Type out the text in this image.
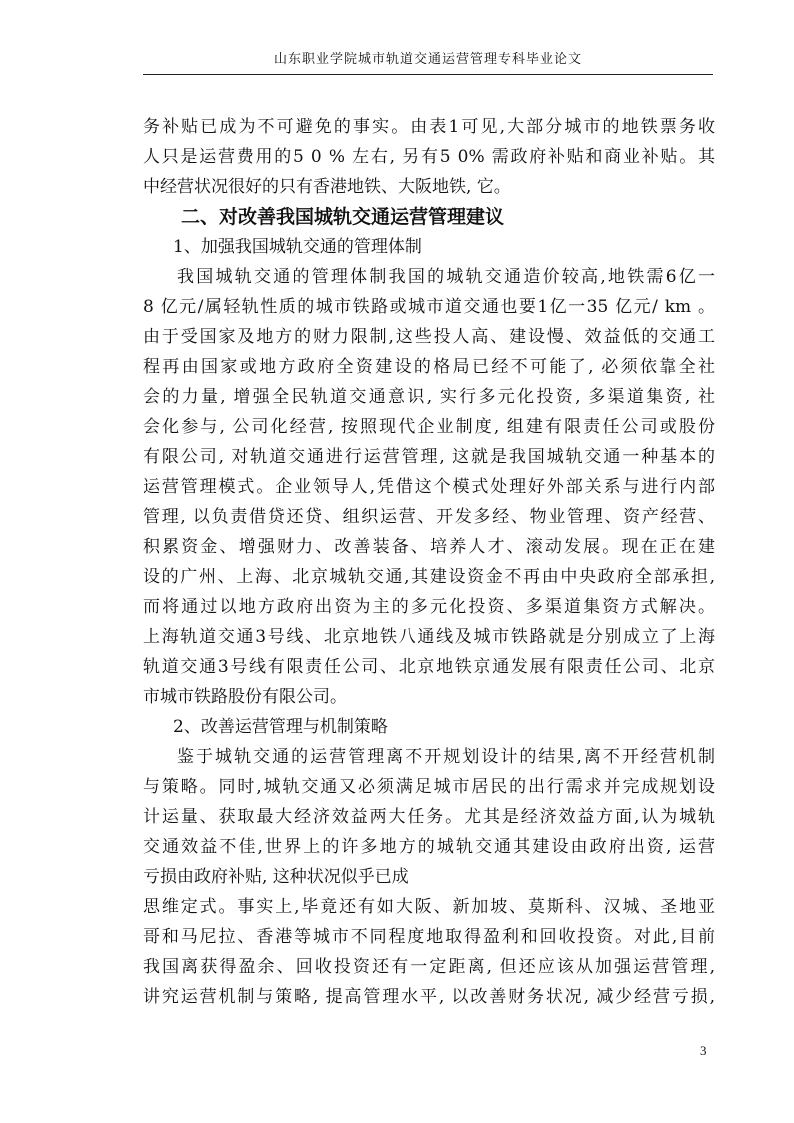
山东职业学院城市轨道交通运营管理专科毕业论文
务补贴已成为不可避免的事实。由表1可见,大部分城市的地铁票务收
人只是运营费用的5 0 % 左右, 另有5 0% 需政府补贴和商业补贴。其
中经营状况很好的只有香港地铁、大阪地铁, 它。
二、对改善我国城轨交通运营管理建议
1、加强我国城轨交通的管理体制
我国城轨交通的管理体制我国的城轨交通造价较高,地铁需6亿一
8 亿元/属轻轨性质的城市铁路或城市道交通也要1亿一35 亿元/ km 。
由于受国家及地方的财力限制,这些投人高、建设慢、效益低的交通工
程再由国家或地方政府全资建设的格局已经不可能了, 必须依靠全社
会的力量, 增强全民轨道交通意识, 实行多元化投资, 多渠道集资, 社
会化参与, 公司化经营, 按照现代企业制度, 组建有限责任公司或股份
有限公司, 对轨道交通进行运营管理, 这就是我国城轨交通一种基本的
运营管理模式。企业领导人,凭借这个模式处理好外部关系与进行内部
管理, 以负责借贷还贷、组织运营、开发多经、物业管理、资产经营、
积累资金、增强财力、改善装备、培养人才、滚动发展。现在正在建
设的广州、上海、北京城轨交通,其建设资金不再由中央政府全部承担,
而将通过以地方政府出资为主的多元化投资、多渠道集资方式解决。
上海轨道交通3号线、北京地铁八通线及城市铁路就是分别成立了上海
轨道交通3号线有限责任公司、北京地铁京通发展有限责任公司、北京
市城市铁路股份有限公司。
2、改善运营管理与机制策略
鉴于城轨交通的运营管理离不开规划设计的结果,离不开经营机制
与策略。同时,城轨交通又必须满足城市居民的出行需求并完成规划设
计运量、获取最大经济效益两大任务。尤其是经济效益方面,认为城轨
交通效益不佳,世界上的许多地方的城轨交通其建设由政府出资, 运营
亏损由政府补贴, 这种状况似乎已成
思维定式。事实上,毕竟还有如大阪、新加坡、莫斯科、汉城、圣地亚
哥和马尼拉、香港等城市不同程度地取得盈利和回收投资。对此,目前
我国离获得盈余、回收投资还有一定距离, 但还应该从加强运营管理,
讲究运营机制与策略, 提高管理水平, 以改善财务状况, 减少经营亏损,
3
